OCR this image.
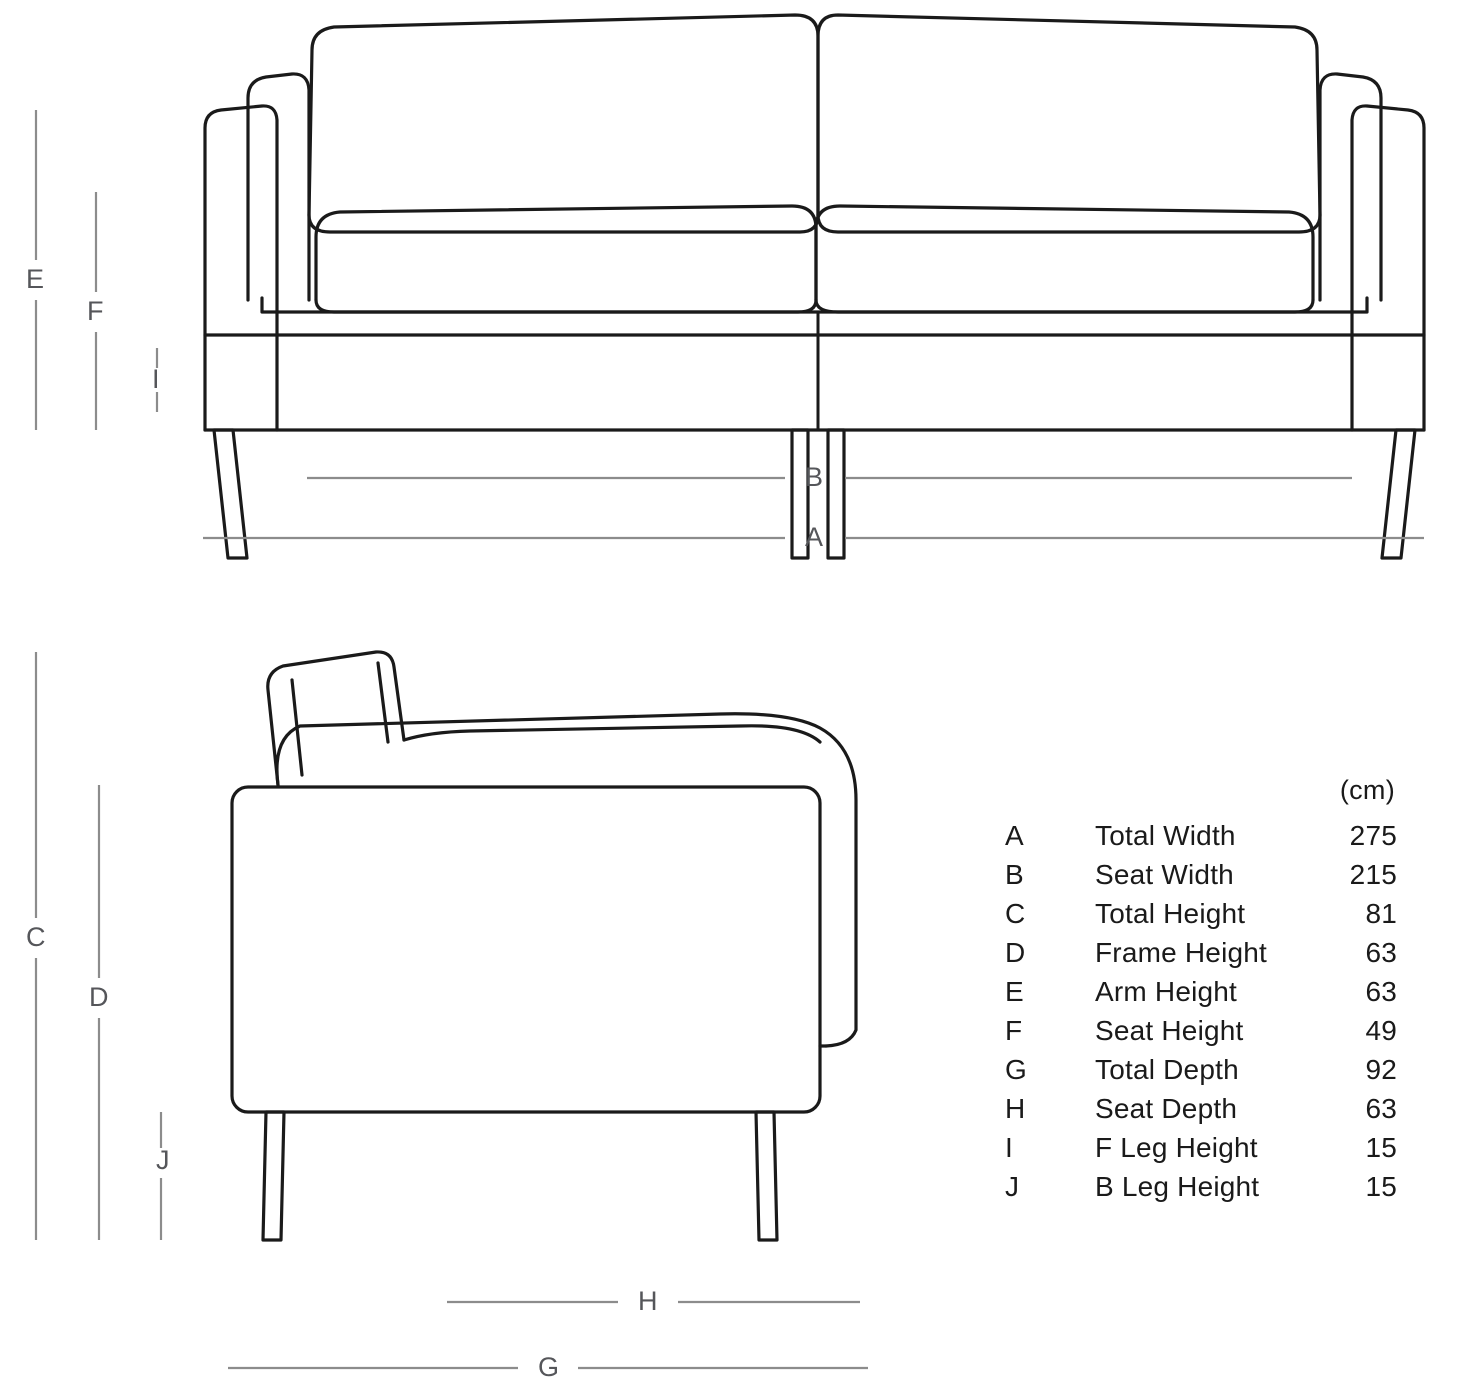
E
F
I
B
A
C
D
J
H
G
(cm)
A	Total Width	275
B	Seat Width	215
C	Total Height	81
D	Frame Height	63
E	Arm Height	63
F	Seat Height	49
G	Total Depth	92
H	Seat Depth	63
I	F Leg Height	15
J	B Leg Height	15
